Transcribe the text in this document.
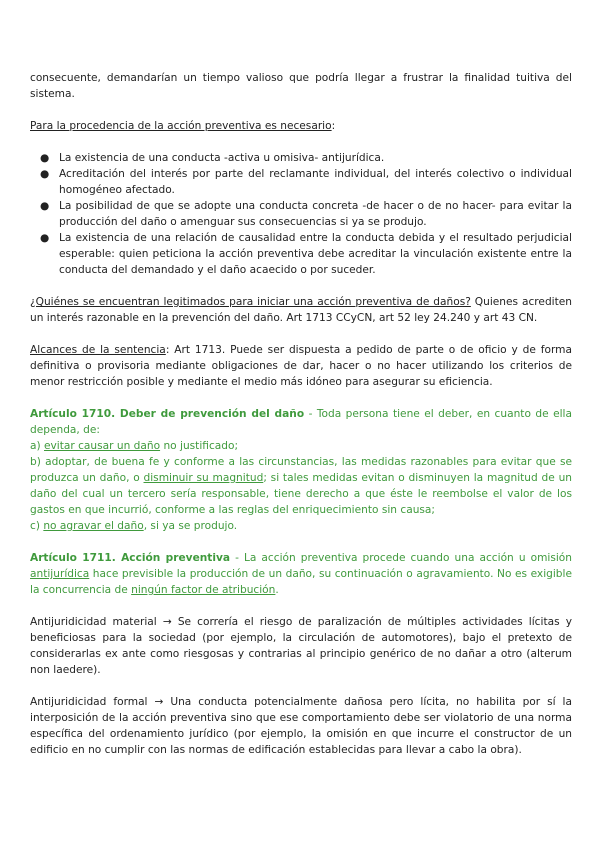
consecuente, demandarían un tiempo valioso que podría llegar a frustrar la finalidad tuitiva del sistema.

Para la procedencia de la acción preventiva es necesario:

● La existencia de una conducta -activa u omisiva- antijurídica.
● Acreditación del interés por parte del reclamante individual, del interés colectivo o individual homogéneo afectado.
● La posibilidad de que se adopte una conducta concreta -de hacer o de no hacer- para evitar la producción del daño o amenguar sus consecuencias si ya se produjo.
● La existencia de una relación de causalidad entre la conducta debida y el resultado perjudicial esperable: quien peticiona la acción preventiva debe acreditar la vinculación existente entre la conducta del demandado y el daño acaecido o por suceder.

¿Quiénes se encuentran legitimados para iniciar una acción preventiva de daños? Quienes acrediten un interés razonable en la prevención del daño. Art 1713 CCyCN, art 52 ley 24.240 y art 43 CN.

Alcances de la sentencia: Art 1713. Puede ser dispuesta a pedido de parte o de oficio y de forma definitiva o provisoria mediante obligaciones de dar, hacer o no hacer utilizando los criterios de menor restricción posible y mediante el medio más idóneo para asegurar su eficiencia.

Artículo 1710. Deber de prevención del daño - Toda persona tiene el deber, en cuanto de ella dependa, de:

a) evitar causar un daño no justificado;

b) adoptar, de buena fe y conforme a las circunstancias, las medidas razonables para evitar que se produzca un daño, o disminuir su magnitud; si tales medidas evitan o disminuyen la magnitud de un daño del cual un tercero sería responsable, tiene derecho a que éste le reembolse el valor de los gastos en que incurrió, conforme a las reglas del enriquecimiento sin causa;

c) no agravar el daño, si ya se produjo.

Artículo 1711. Acción preventiva - La acción preventiva procede cuando una acción u omisión antijurídica hace previsible la producción de un daño, su continuación o agravamiento. No es exigible la concurrencia de ningún factor de atribución.

Antijuridicidad material → Se correría el riesgo de paralización de múltiples actividades lícitas y beneficiosas para la sociedad (por ejemplo, la circulación de automotores), bajo el pretexto de considerarlas ex ante como riesgosas y contrarias al principio genérico de no dañar a otro (alterum non laedere).

Antijuridicidad formal → Una conducta potencialmente dañosa pero lícita, no habilita por sí la interposición de la acción preventiva sino que ese comportamiento debe ser violatorio de una norma específica del ordenamiento jurídico (por ejemplo, la omisión en que incurre el constructor de un edificio en no cumplir con las normas de edificación establecidas para llevar a cabo la obra).
